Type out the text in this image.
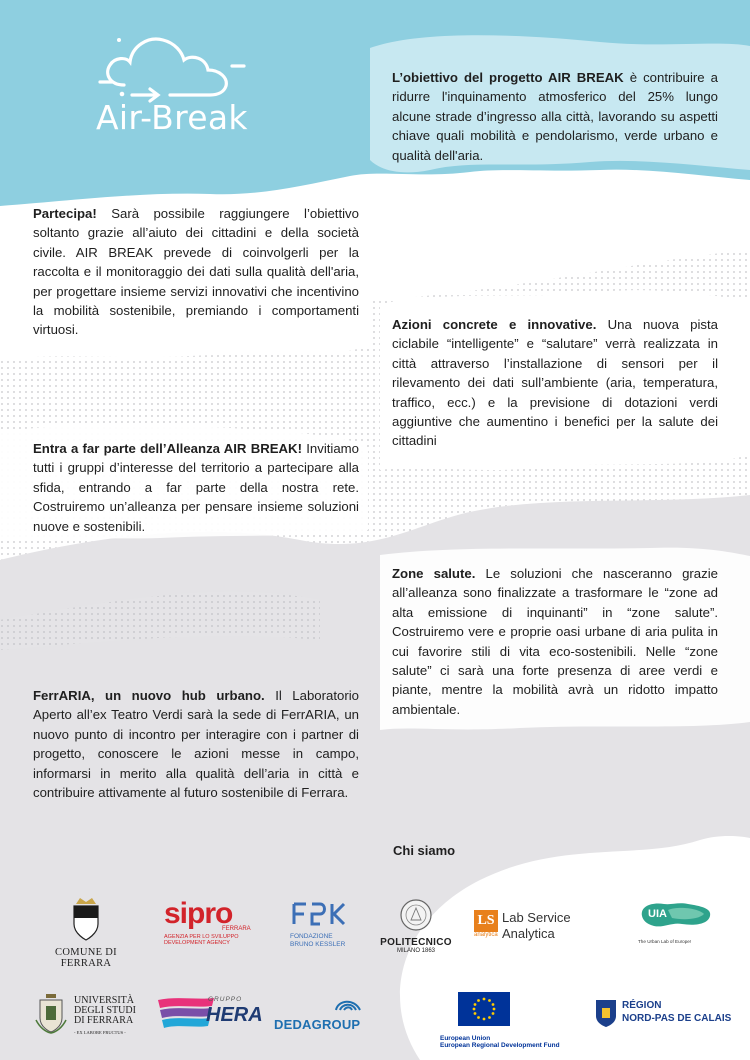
Air-Break
L’obiettivo del progetto AIR BREAK è contribuire a ridurre l'inquinamento atmosferico del 25% lungo alcune strade d’ingresso alla città, lavorando su aspetti chiave quali mobilità e pendolarismo, verde urbano e qualità dell'aria.
Partecipa! Sarà possibile raggiungere l’obiettivo soltanto grazie all’aiuto dei cittadini e della società civile. AIR BREAK prevede di coinvolgerli per la raccolta e il monitoraggio dei dati sulla qualità dell'aria, per progettare insieme servizi innovativi che incentivino la mobilità sostenibile, premiando i comportamenti virtuosi.	Azioni concrete e innovative. Una nuova pista ciclabile “intelligente” e “salutare” verrà realizzata in città attraverso l’installazione di sensori per il rilevamento dei dati sull’ambiente (aria, temperatura, traffico, ecc.) e la previsione di dotazioni verdi aggiuntive che aumentino i benefici per la salute dei cittadini
Entra a far parte dell’Alleanza AIR BREAK! Invitiamo tutti i gruppi d’interesse del territorio a partecipare alla sfida, entrando a far parte della nostra rete. Costruiremo un’alleanza per pensare insieme soluzioni nuove e sostenibili.
Zone salute. Le soluzioni che nasceranno grazie all’alleanza sono finalizzate a trasformare le “zone ad alta emissione di inquinanti” in “zone salute”. Costruiremo vere e proprie oasi urbane di aria pulita in cui favorire stili di vita eco-sostenibili. Nelle “zone salute” ci sarà una forte presenza di aree verdi e piante, mentre la mobilità avrà un ridotto impatto ambientale.
FerrARIA, un nuovo hub urbano. Il Laboratorio Aperto all’ex Teatro Verdi sarà la sede di FerrARIA, un nuovo punto di incontro per interagire con i partner di progetto, conoscere le azioni messe in campo, informarsi in merito alla qualità dell’aria in città e contribuire attivamente al futuro sostenibile di Ferrara.
Chi siamo
COMUNE DI FERRARA
sipro
FERRARA
AGENZIA PER LO SVILUPPO
DEVELOPMENT AGENCY
FONDAZIONE
BRUNO KESSLER	POLITECNICO
MILANO 1863
LS
analytica
Lab Service
Analytica
UIA
The Urban Lab of Europe!
UNIVERSITÀ
DEGLI STUDI
DI FERRARA
- EX LABORE FRUCTUS -
GRUPPO
HERA DEDAGROUP
European Union
European Regional Development Fund
RÉGION
NORD-PAS DE CALAIS
